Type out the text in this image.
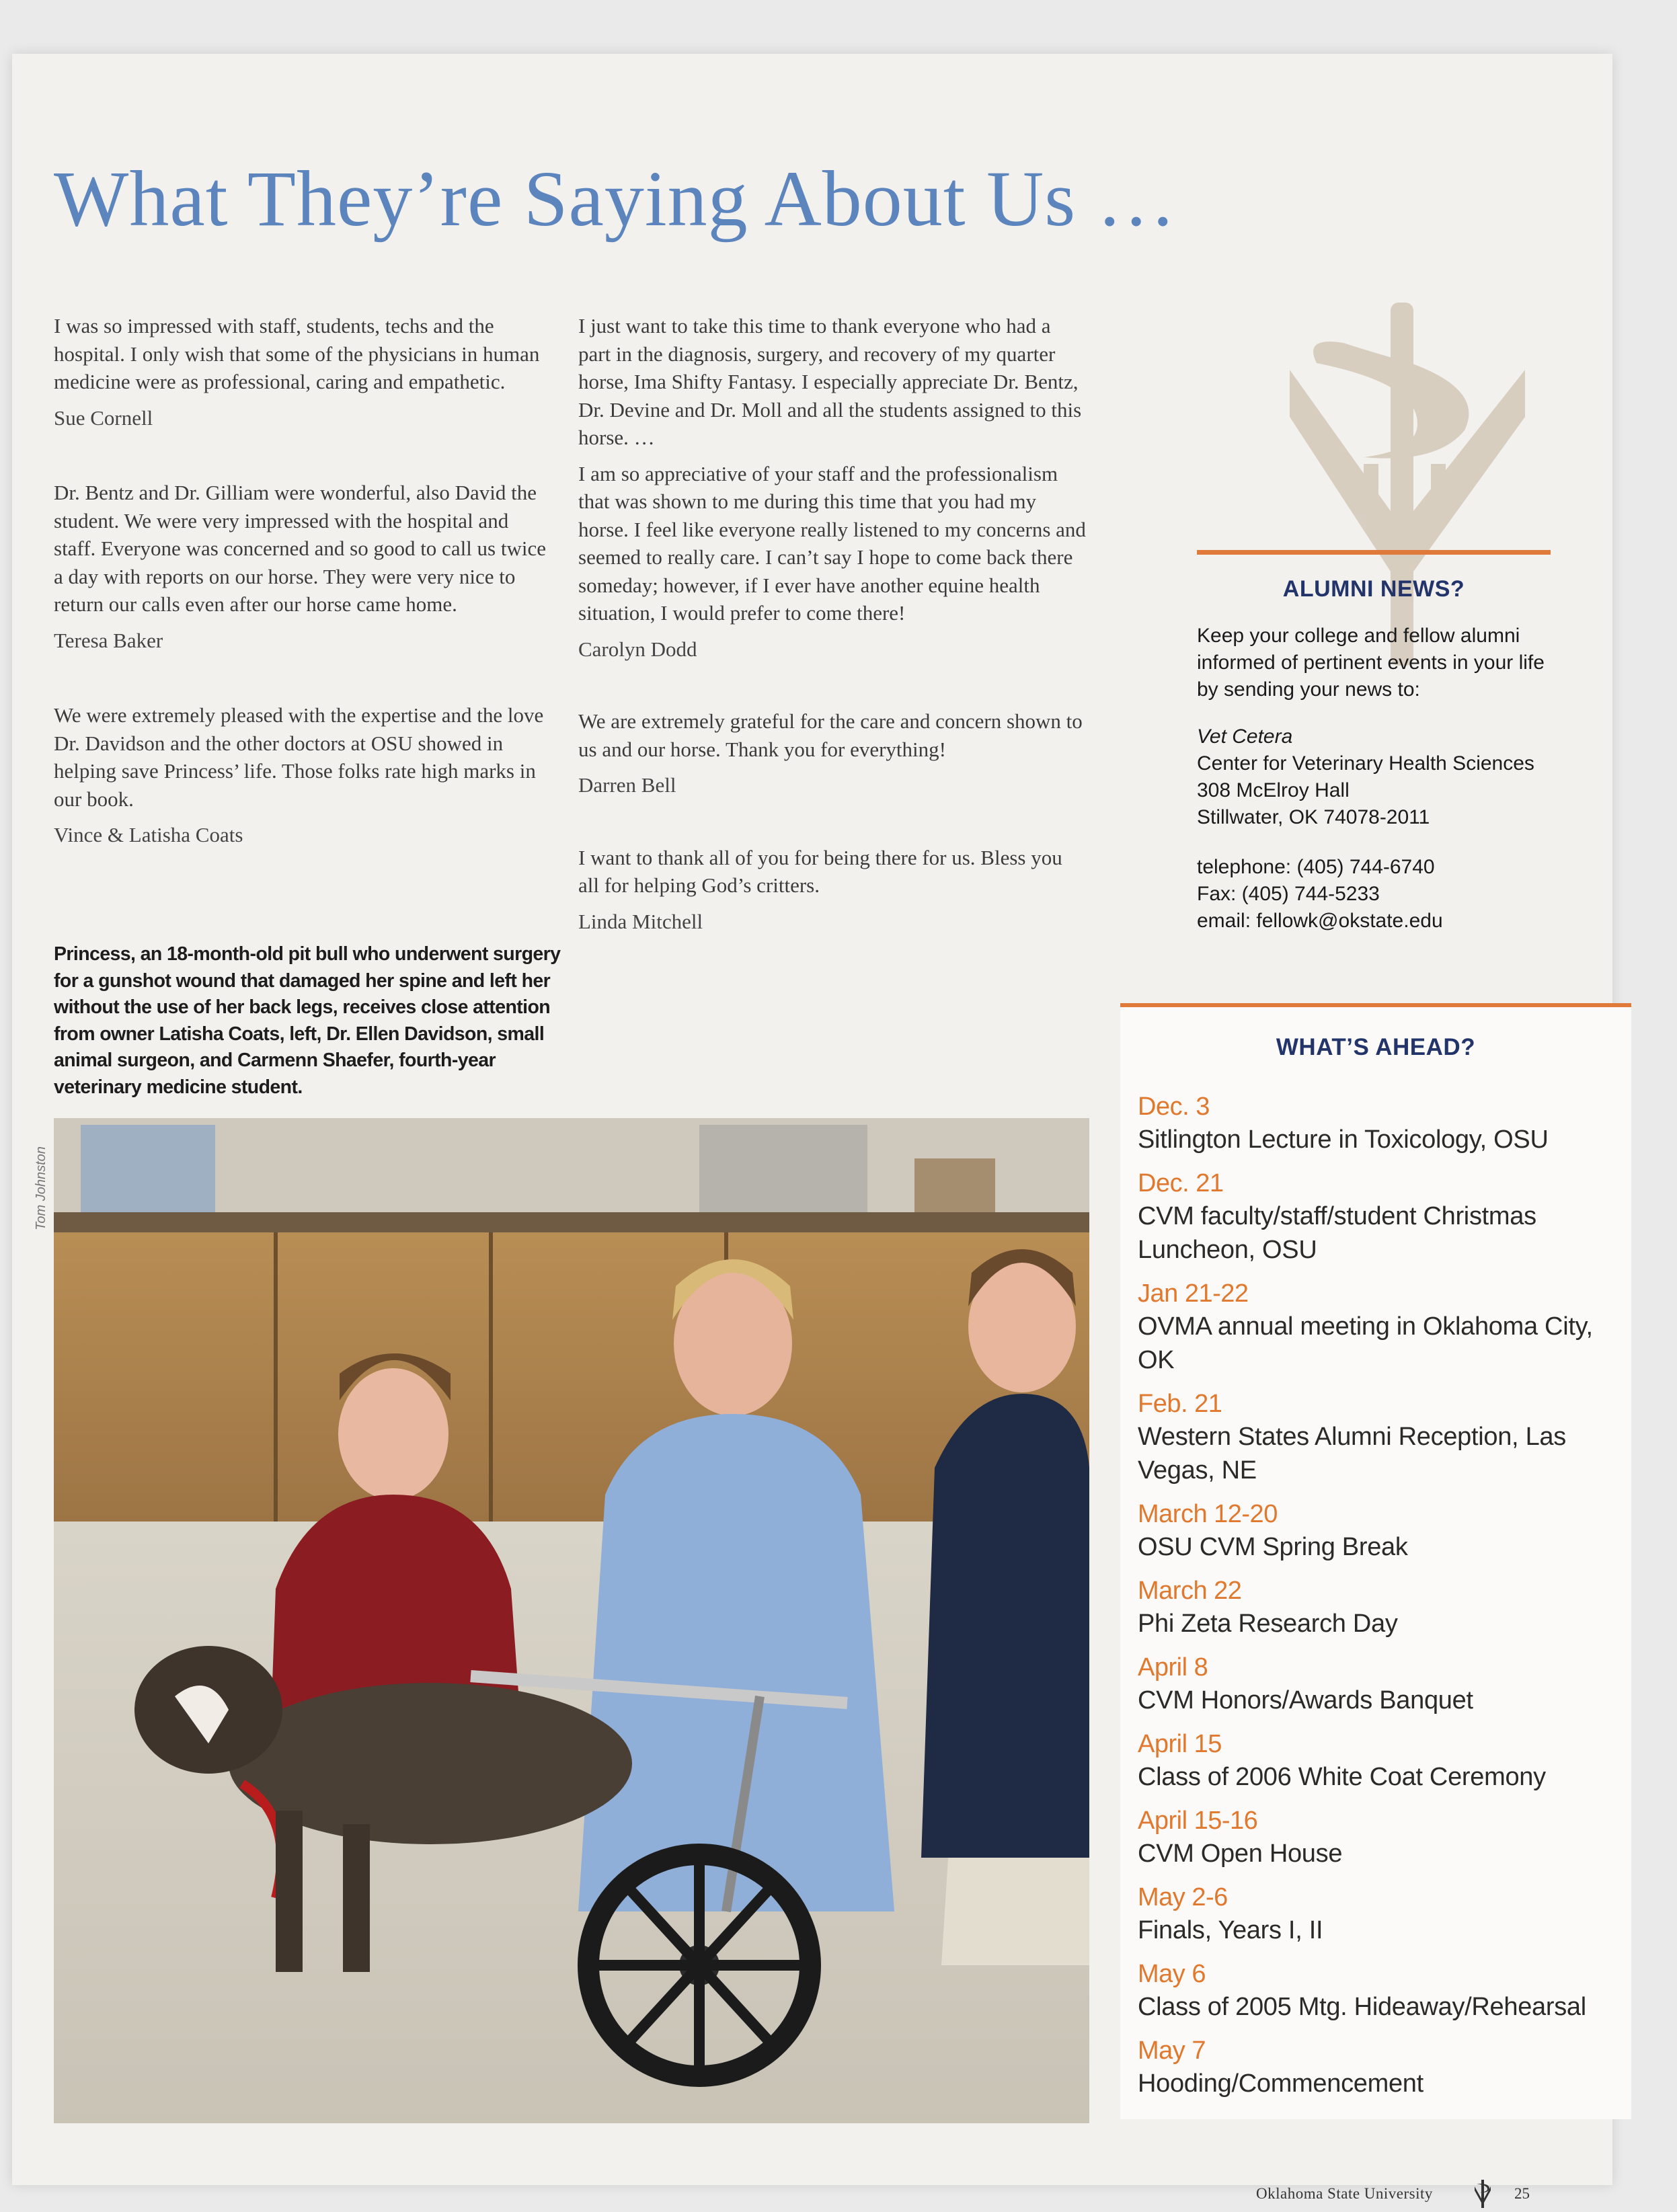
What They’re Saying About Us …

I was so impressed with staff, students, techs and the hospital. I only wish that some of the physicians in human medicine were as professional, caring and empathetic.

Sue Cornell

Dr. Bentz and Dr. Gilliam were wonderful, also David the student. We were very impressed with the hospital and staff. Everyone was concerned and so good to call us twice a day with reports on our horse. They were very nice to return our calls even after our horse came home.

Teresa Baker

We were extremely pleased with the expertise and the love Dr. Davidson and the other doctors at OSU showed in helping save Princess’ life. Those folks rate high marks in our book.

Vince & Latisha Coats

I just want to take this time to thank everyone who had a part in the diagnosis, surgery, and recovery of my quarter horse, Ima Shifty Fantasy. I especially appreciate Dr. Bentz, Dr. Devine and Dr. Moll and all the students assigned to this horse. …

I am so appreciative of your staff and the professionalism that was shown to me during this time that you had my horse. I feel like everyone really listened to my concerns and seemed to really care. I can’t say I hope to come back there someday; however, if I ever have another equine health situation, I would prefer to come there!

Carolyn Dodd

We are extremely grateful for the care and concern shown to us and our horse. Thank you for everything!

Darren Bell

I want to thank all of you for being there for us. Bless you all for helping God’s critters.

Linda Mitchell

Princess, an 18-month-old pit bull who underwent surgery for a gunshot wound that damaged her spine and left her without the use of her back legs, receives close attention from owner Latisha Coats, left, Dr. Ellen Davidson, small animal surgeon, and Carmenn Shaefer, fourth-year veterinary medicine student.

Tom Johnston
ALUMNI NEWS?

Keep your college and fellow alumni informed of pertinent events in your life by sending your news to:

Vet Cetera
Center for Veterinary Health Sciences
308 McElroy Hall
Stillwater, OK 74078-2011

telephone: (405) 744-6740
Fax: (405) 744-5233
email: fellowk@okstate.edu

WHAT’S AHEAD?
Dec. 3
Sitlington Lecture in Toxicology, OSU
Dec. 21
CVM faculty/staff/student Christmas Luncheon, OSU
Jan 21-22
OVMA annual meeting in Oklahoma City, OK
Feb. 21
Western States Alumni Reception, Las Vegas, NE
March 12-20
OSU CVM Spring Break
March 22
Phi Zeta Research Day
April 8
CVM Honors/Awards Banquet
April 15
Class of 2006 White Coat Ceremony
April 15-16
CVM Open House
May 2-6
Finals, Years I, II
May 6
Class of 2005 Mtg. Hideaway/Rehearsal
May 7
Hooding/Commencement
Oklahoma State University	25
